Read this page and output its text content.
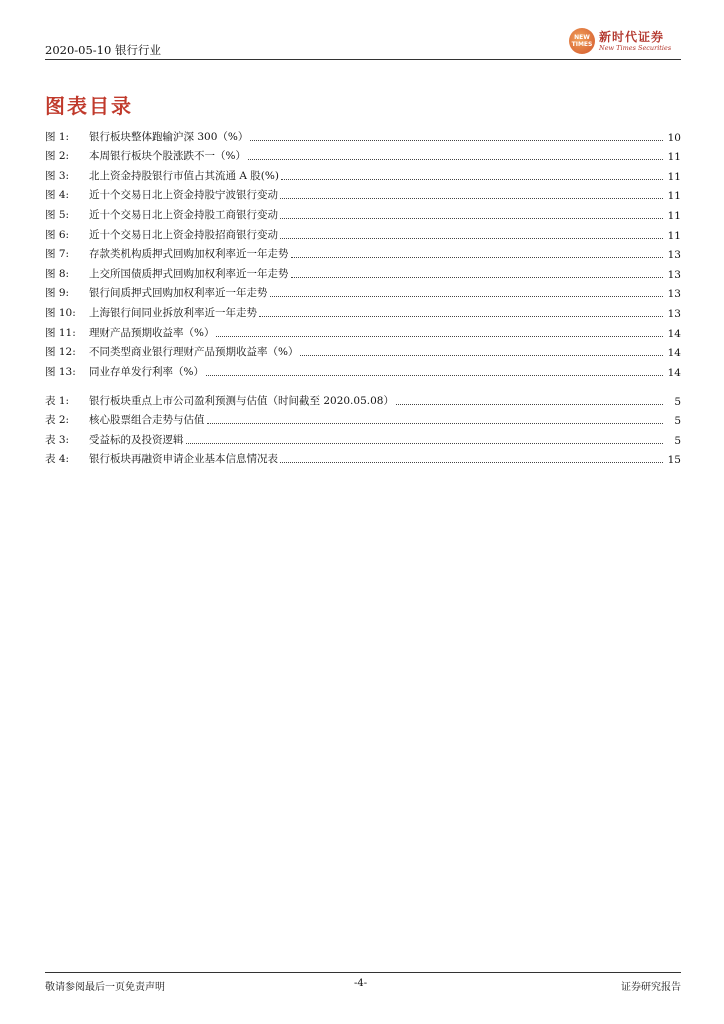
2020-05-10 银行行业
NEW TIMES
新时代证券
New Times Securities
图表目录
图 1:	银行板块整体跑输沪深 300（%）	10
图 2:	本周银行板块个股涨跌不一（%）	11
图 3:	北上资金持股银行市值占其流通 A 股(%)	11
图 4:	近十个交易日北上资金持股宁波银行变动	11
图 5:	近十个交易日北上资金持股工商银行变动	11
图 6:	近十个交易日北上资金持股招商银行变动	11
图 7:	存款类机构质押式回购加权利率近一年走势	13
图 8:	上交所国债质押式回购加权利率近一年走势	13
图 9:	银行间质押式回购加权利率近一年走势	13
图 10:	上海银行间同业拆放利率近一年走势	13
图 11:	理财产品预期收益率（%）	14
图 12:	不同类型商业银行理财产品预期收益率（%）	14
图 13:	同业存单发行利率（%）	14
表 1:	银行板块重点上市公司盈利预测与估值（时间截至 2020.05.08）	5
表 2:	核心股票组合走势与估值	5
表 3:	受益标的及投资逻辑	5
表 4:	银行板块再融资申请企业基本信息情况表	15
敬请参阅最后一页免责声明	-4-	证券研究报告
